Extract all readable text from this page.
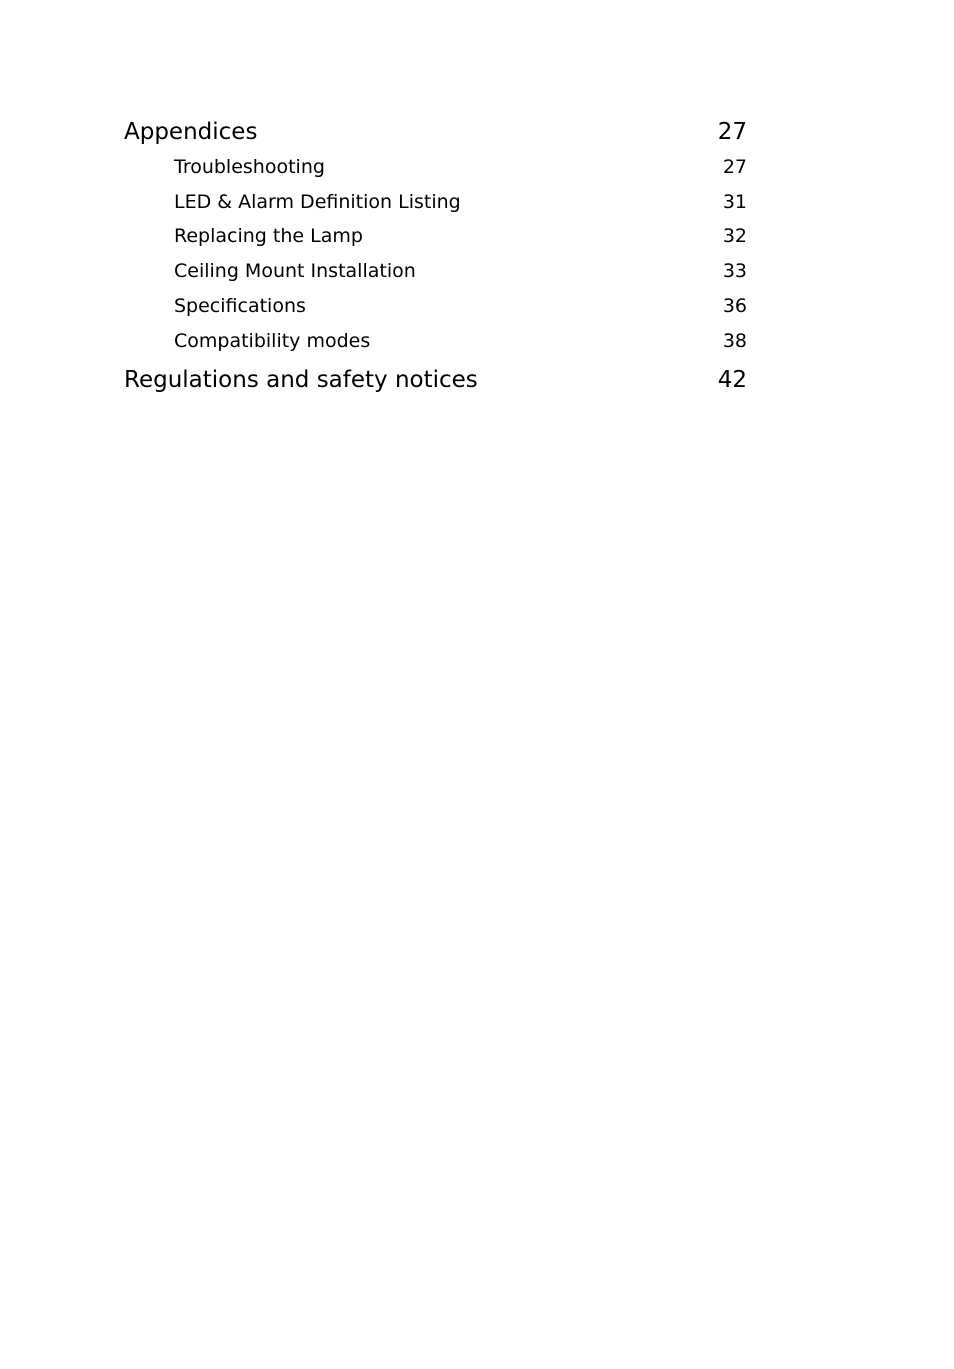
Appendices	27
Troubleshooting	27
LED & Alarm Definition Listing	31
Replacing the Lamp	32
Ceiling Mount Installation	33
Specifications	36
Compatibility modes	38
Regulations and safety notices	42
